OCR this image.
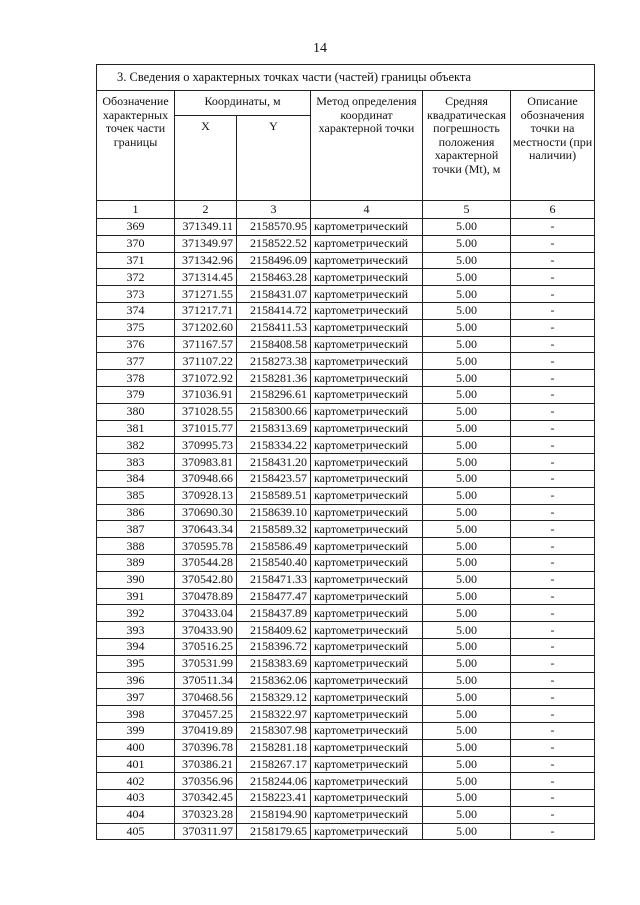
14
3. Сведения о характерных точках части (частей) границы объекта					
Обозначение характерных точек части границы	Координаты, м		Метод определения координат характерной точки	Средняя квадратическая погрешность положения характерной точки (Mt), м	Описание обозначения точки на местности (при наличии)
	X	Y			
1	2	3	4	5	6
369	371349.11	2158570.95	картометрический	5.00	-
370	371349.97	2158522.52	картометрический	5.00	-
371	371342.96	2158496.09	картометрический	5.00	-
372	371314.45	2158463.28	картометрический	5.00	-
373	371271.55	2158431.07	картометрический	5.00	-
374	371217.71	2158414.72	картометрический	5.00	-
375	371202.60	2158411.53	картометрический	5.00	-
376	371167.57	2158408.58	картометрический	5.00	-
377	371107.22	2158273.38	картометрический	5.00	-
378	371072.92	2158281.36	картометрический	5.00	-
379	371036.91	2158296.61	картометрический	5.00	-
380	371028.55	2158300.66	картометрический	5.00	-
381	371015.77	2158313.69	картометрический	5.00	-
382	370995.73	2158334.22	картометрический	5.00	-
383	370983.81	2158431.20	картометрический	5.00	-
384	370948.66	2158423.57	картометрический	5.00	-
385	370928.13	2158589.51	картометрический	5.00	-
386	370690.30	2158639.10	картометрический	5.00	-
387	370643.34	2158589.32	картометрический	5.00	-
388	370595.78	2158586.49	картометрический	5.00	-
389	370544.28	2158540.40	картометрический	5.00	-
390	370542.80	2158471.33	картометрический	5.00	-
391	370478.89	2158477.47	картометрический	5.00	-
392	370433.04	2158437.89	картометрический	5.00	-
393	370433.90	2158409.62	картометрический	5.00	-
394	370516.25	2158396.72	картометрический	5.00	-
395	370531.99	2158383.69	картометрический	5.00	-
396	370511.34	2158362.06	картометрический	5.00	-
397	370468.56	2158329.12	картометрический	5.00	-
398	370457.25	2158322.97	картометрический	5.00	-
399	370419.89	2158307.98	картометрический	5.00	-
400	370396.78	2158281.18	картометрический	5.00	-
401	370386.21	2158267.17	картометрический	5.00	-
402	370356.96	2158244.06	картометрический	5.00	-
403	370342.45	2158223.41	картометрический	5.00	-
404	370323.28	2158194.90	картометрический	5.00	-
405	370311.97	2158179.65	картометрический	5.00	-
